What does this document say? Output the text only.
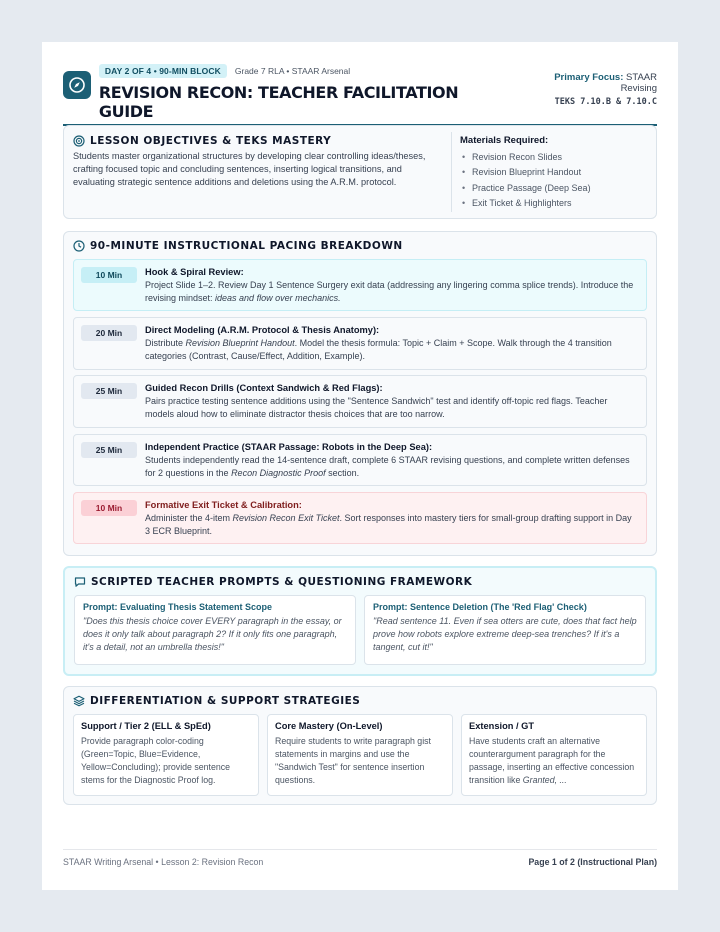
DAY 2 OF 4 • 90-MIN BLOCK	Grade 7 RLA • STAAR Arsenal
REVISION RECON: TEACHER FACILITATION GUIDE
Primary Focus: STAAR Revising
TEKS 7.10.B & 7.10.C
LESSON OBJECTIVES & TEKS MASTERY
Students master organizational structures by developing clear controlling ideas/theses, crafting focused topic and concluding sentences, inserting logical transitions, and evaluating strategic sentence additions and deletions using the A.R.M. protocol.
Materials Required:
• Revision Recon Slides
• Revision Blueprint Handout
• Practice Passage (Deep Sea)
• Exit Ticket & Highlighters
90-MINUTE INSTRUCTIONAL PACING BREAKDOWN
10 Min	Hook & Spiral Review:
Project Slide 1–2. Review Day 1 Sentence Surgery exit data (addressing any lingering comma splice trends). Introduce the revising mindset: ideas and flow over mechanics.
20 Min	Direct Modeling (A.R.M. Protocol & Thesis Anatomy):
Distribute Revision Blueprint Handout. Model the thesis formula: Topic + Claim + Scope. Walk through the 4 transition categories (Contrast, Cause/Effect, Addition, Example).
25 Min	Guided Recon Drills (Context Sandwich & Red Flags):
Pairs practice testing sentence additions using the "Sentence Sandwich" test and identify off-topic red flags. Teacher models aloud how to eliminate distractor thesis choices that are too narrow.
25 Min	Independent Practice (STAAR Passage: Robots in the Deep Sea):
Students independently read the 14-sentence draft, complete 6 STAAR revising questions, and complete written defenses for 2 questions in the Recon Diagnostic Proof section.
10 Min	Formative Exit Ticket & Calibration:
Administer the 4-item Revision Recon Exit Ticket. Sort responses into mastery tiers for small-group drafting support in Day 3 ECR Blueprint.
SCRIPTED TEACHER PROMPTS & QUESTIONING FRAMEWORK
Prompt: Evaluating Thesis Statement Scope
"Does this thesis choice cover EVERY paragraph in the essay, or does it only talk about paragraph 2? If it only fits one paragraph, it's a detail, not an umbrella thesis!"
Prompt: Sentence Deletion (The 'Red Flag' Check)
"Read sentence 11. Even if sea otters are cute, does that fact help prove how robots explore extreme deep-sea trenches? If it's a tangent, cut it!"
DIFFERENTIATION & SUPPORT STRATEGIES
Support / Tier 2 (ELL & SpEd)
Provide paragraph color-coding (Green=Topic, Blue=Evidence, Yellow=Concluding); provide sentence stems for the Diagnostic Proof log.
Core Mastery (On-Level)
Require students to write paragraph gist statements in margins and use the "Sandwich Test" for sentence insertion questions.
Extension / GT
Have students craft an alternative counterargument paragraph for the passage, inserting an effective concession transition like Granted, ...
STAAR Writing Arsenal • Lesson 2: Revision Recon	Page 1 of 2 (Instructional Plan)
